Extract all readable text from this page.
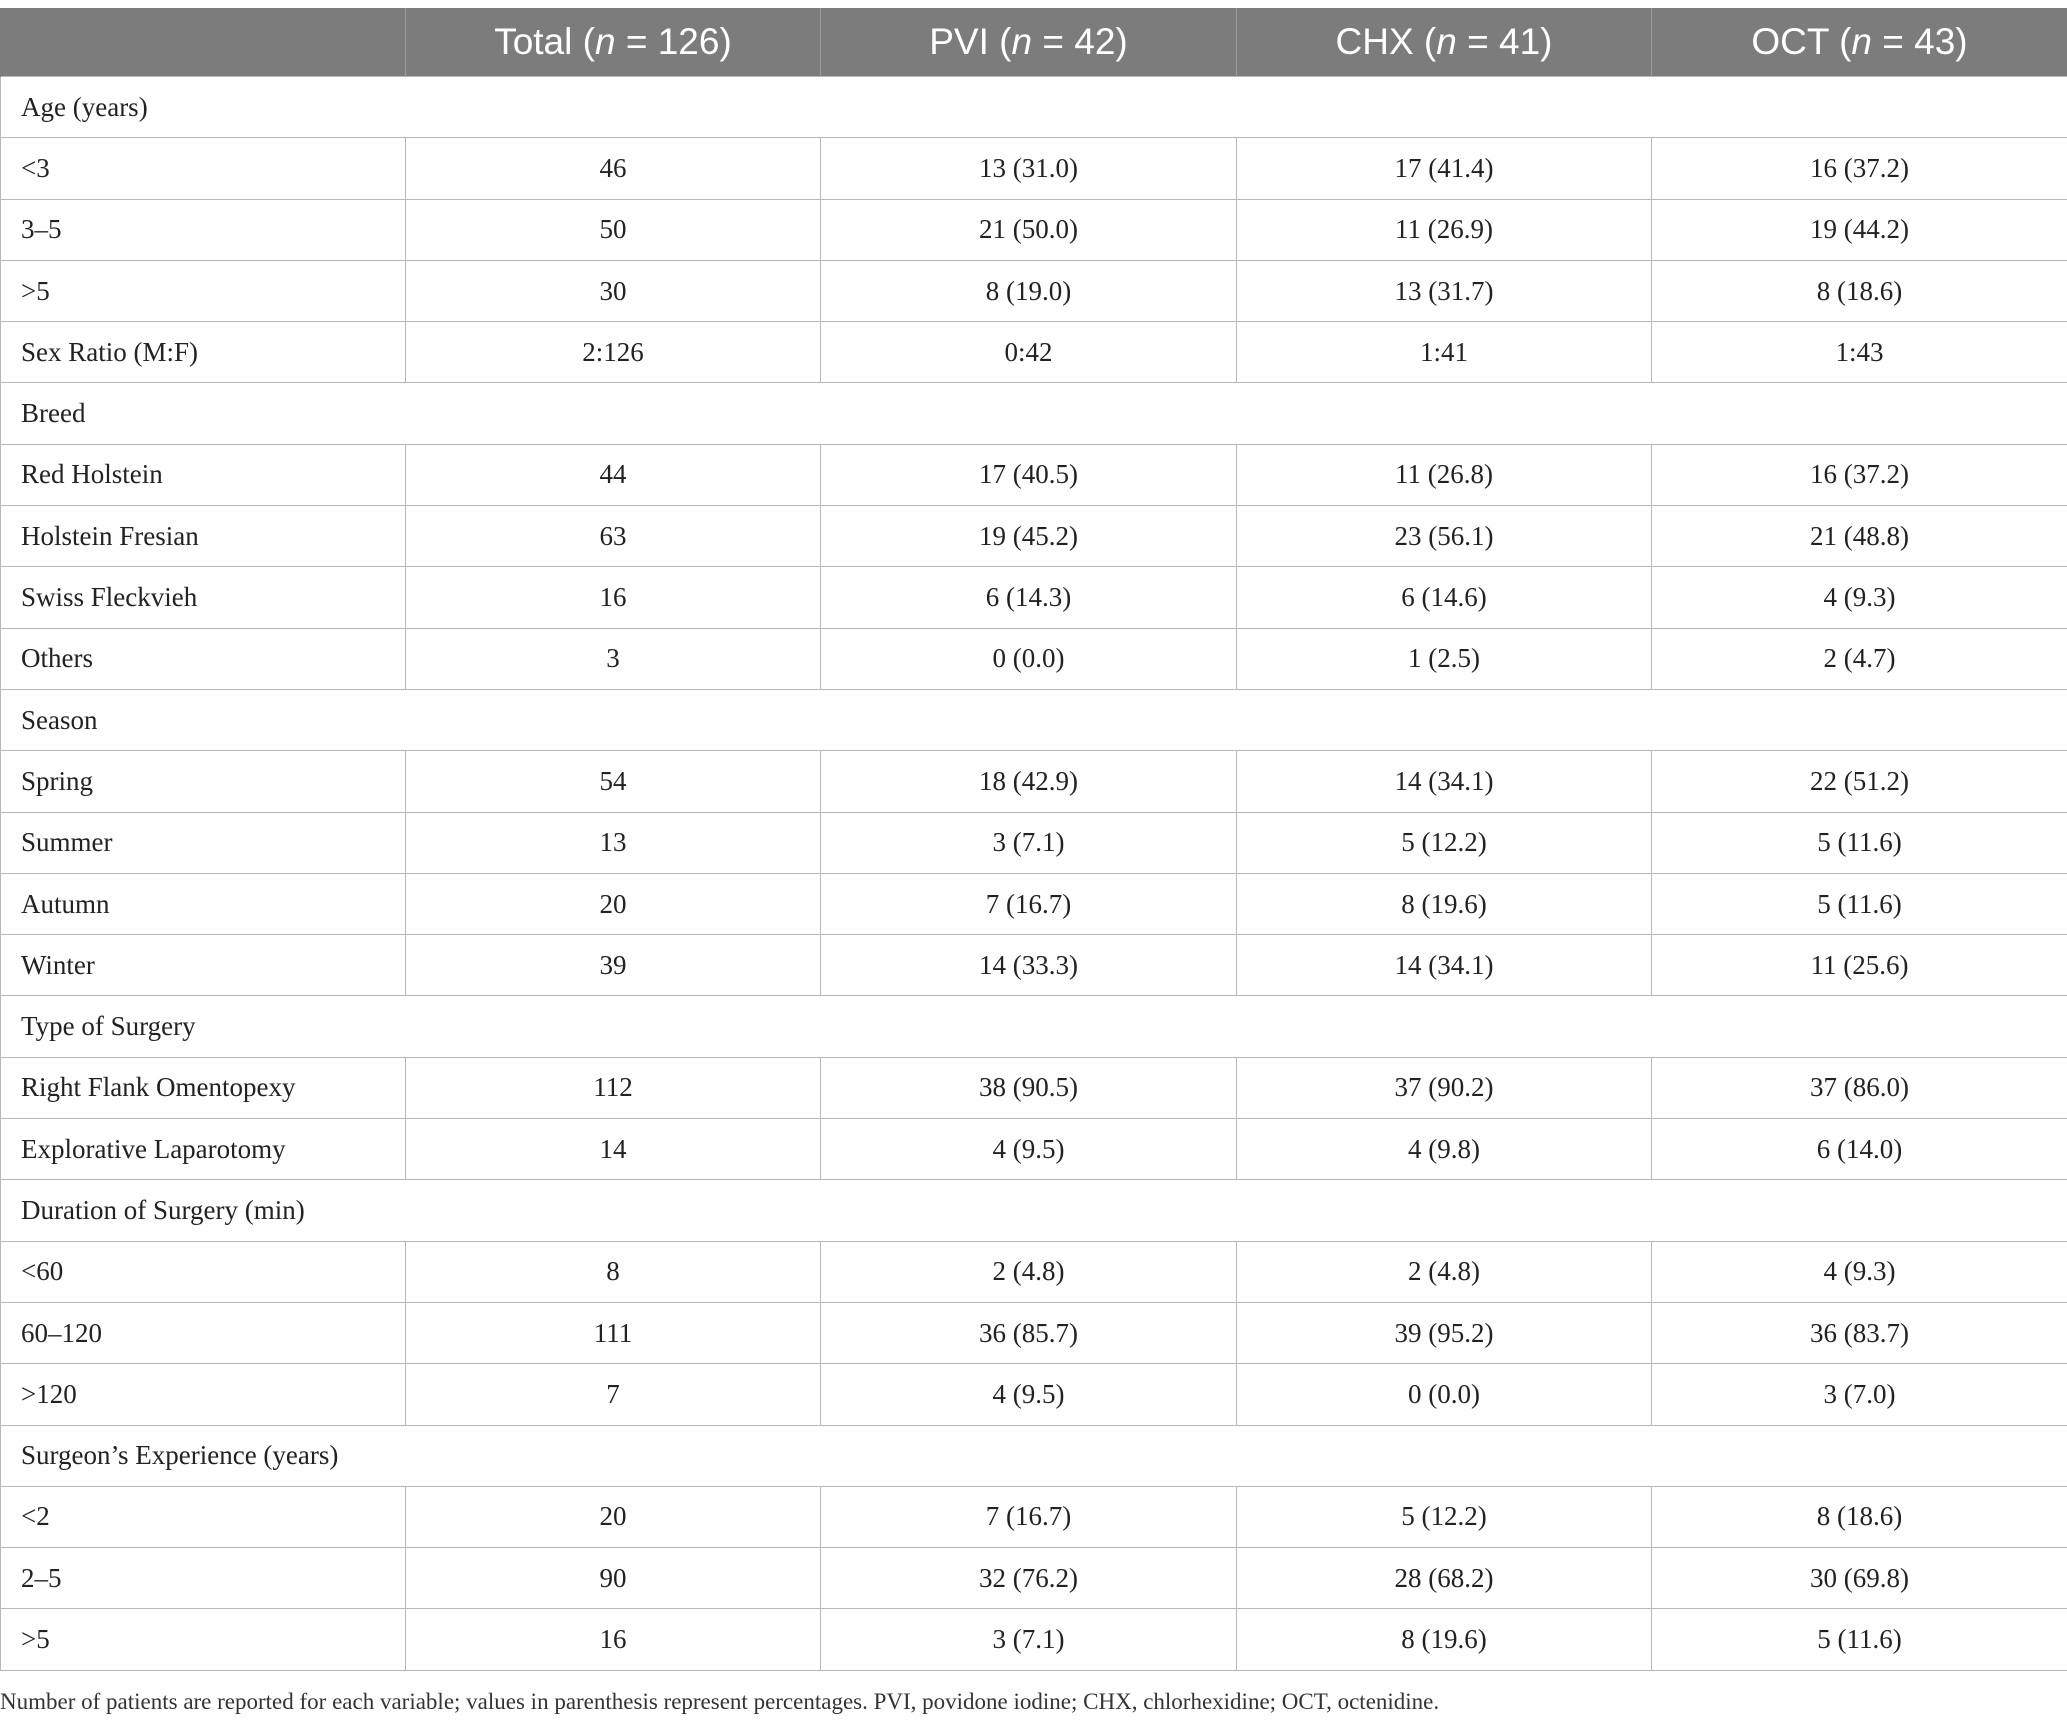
	Total (n = 126)	PVI (n = 42)	CHX (n = 41)	OCT (n = 43)
Age (years)				
<3	46	13 (31.0)	17 (41.4)	16 (37.2)
3–5	50	21 (50.0)	11 (26.9)	19 (44.2)
>5	30	8 (19.0)	13 (31.7)	8 (18.6)
Sex Ratio (M:F)	2:126	0:42	1:41	1:43
Breed				
Red Holstein	44	17 (40.5)	11 (26.8)	16 (37.2)
Holstein Fresian	63	19 (45.2)	23 (56.1)	21 (48.8)
Swiss Fleckvieh	16	6 (14.3)	6 (14.6)	4 (9.3)
Others	3	0 (0.0)	1 (2.5)	2 (4.7)
Season				
Spring	54	18 (42.9)	14 (34.1)	22 (51.2)
Summer	13	3 (7.1)	5 (12.2)	5 (11.6)
Autumn	20	7 (16.7)	8 (19.6)	5 (11.6)
Winter	39	14 (33.3)	14 (34.1)	11 (25.6)
Type of Surgery				
Right Flank Omentopexy	112	38 (90.5)	37 (90.2)	37 (86.0)
Explorative Laparotomy	14	4 (9.5)	4 (9.8)	6 (14.0)
Duration of Surgery (min)				
<60	8	2 (4.8)	2 (4.8)	4 (9.3)
60–120	111	36 (85.7)	39 (95.2)	36 (83.7)
>120	7	4 (9.5)	0 (0.0)	3 (7.0)
Surgeon’s Experience (years)				
<2	20	7 (16.7)	5 (12.2)	8 (18.6)
2–5	90	32 (76.2)	28 (68.2)	30 (69.8)
>5	16	3 (7.1)	8 (19.6)	5 (11.6)
Number of patients are reported for each variable; values in parenthesis represent percentages. PVI, povidone iodine; CHX, chlorhexidine; OCT, octenidine.
